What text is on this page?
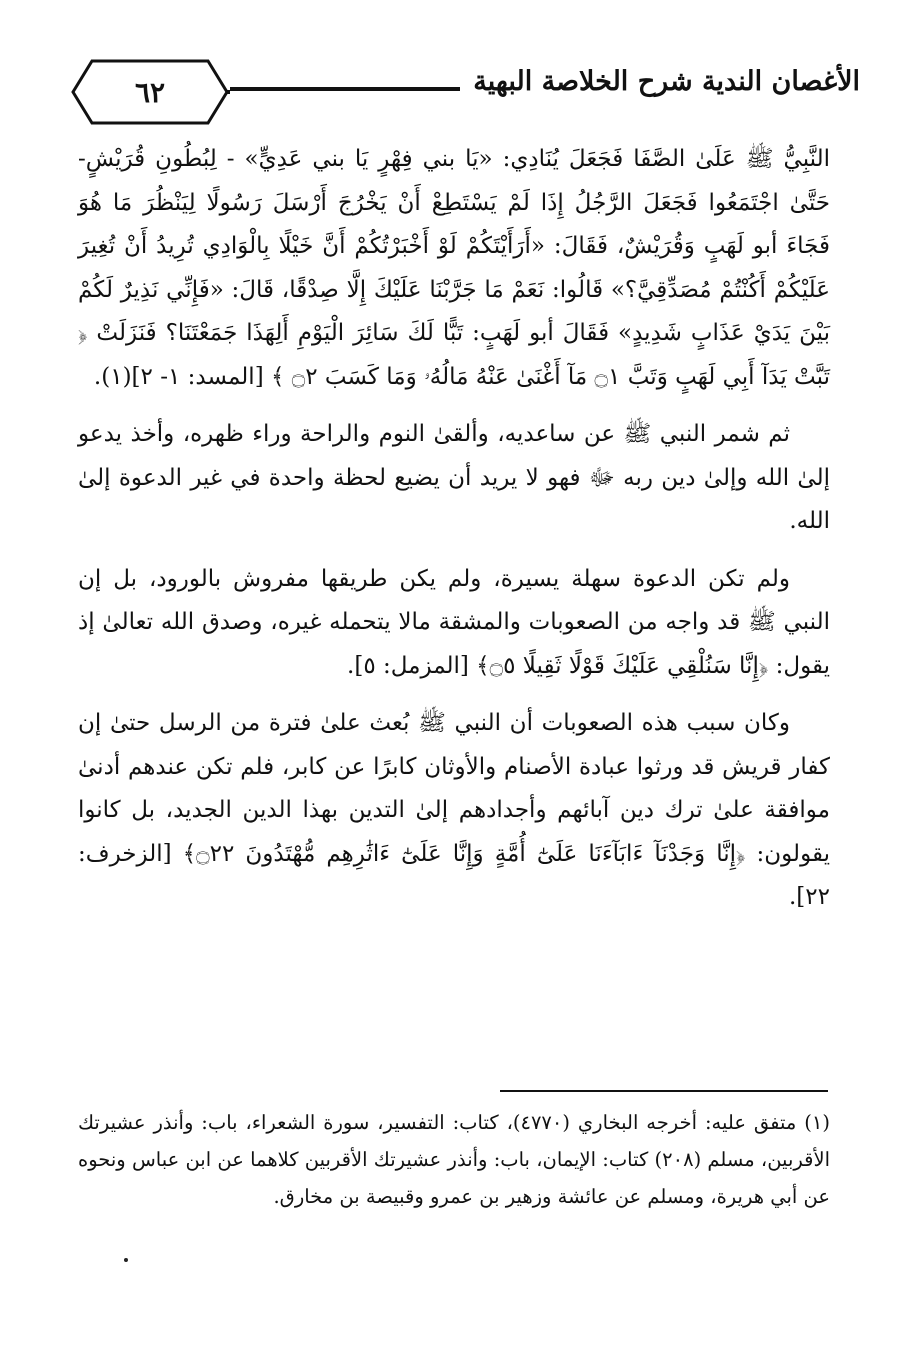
٦٢	الأغصان الندية شرح الخلاصة البهية

النَّبِيُّ ﷺ عَلَىٰ الصَّفَا فَجَعَلَ يُنَادِي: «يَا بني فِهْرٍ يَا بني عَدِيٍّ» - لِبُطُونِ قُرَيْشٍ- حَتَّىٰ اجْتَمَعُوا فَجَعَلَ الرَّجُلُ إِذَا لَمْ يَسْتَطِعْ أَنْ يَخْرُجَ أَرْسَلَ رَسُولًا لِيَنْظُرَ مَا هُوَ فَجَاءَ أبو لَهَبٍ وَقُرَيْشٌ، فَقَالَ: «أَرَأَيْتَكُمْ لَوْ أَخْبَرْتُكُمْ أَنَّ خَيْلًا بِالْوَادِي تُرِيدُ أَنْ تُغِيرَ عَلَيْكُمْ أَكُنْتُمْ مُصَدِّقِيَّ؟» قَالُوا: نَعَمْ مَا جَرَّبْنَا عَلَيْكَ إِلَّا صِدْقًا، قَالَ: «فَإِنِّي نَذِيرٌ لَكُمْ بَيْنَ يَدَيْ عَذَابٍ شَدِيدٍ» فَقَالَ أبو لَهَبٍ: تَبًّا لَكَ سَائِرَ الْيَوْمِ أَلِهَذَا جَمَعْتَنَا؟ فَنَزَلَتْ ﴿ تَبَّتْ يَدَآ أَبِي لَهَبٍ وَتَبَّ ۝١ مَآ أَغْنَىٰ عَنْهُ مَالُهُۥ وَمَا كَسَبَ ۝٢ ﴾ [المسد: ١- ٢](١).

ثم شمر النبي ﷺ عن ساعديه، وألقىٰ النوم والراحة وراء ظهره، وأخذ يدعو إلىٰ الله وإلىٰ دين ربه ﷻ فهو لا يريد أن يضيع لحظة واحدة في غير الدعوة إلىٰ الله.

ولم تكن الدعوة سهلة يسيرة، ولم يكن طريقها مفروش بالورود، بل إن النبي ﷺ قد واجه من الصعوبات والمشقة مالا يتحمله غيره، وصدق الله تعالىٰ إذ يقول: ﴿إِنَّا سَنُلْقِي عَلَيْكَ قَوْلًا ثَقِيلًا ۝٥﴾ [المزمل: ٥].

وكان سبب هذه الصعوبات أن النبي ﷺ بُعث علىٰ فترة من الرسل حتىٰ إن كفار قريش قد ورثوا عبادة الأصنام والأوثان كابرًا عن كابر، فلم تكن عندهم أدنىٰ موافقة علىٰ ترك دين آبائهم وأجدادهم إلىٰ التدين بهذا الدين الجديد، بل كانوا يقولون: ﴿إِنَّا وَجَدْنَآ ءَابَآءَنَا عَلَىٰٓ أُمَّةٍ وَإِنَّا عَلَىٰٓ ءَاثَٰرِهِم مُّهْتَدُونَ ۝٢٢﴾ [الزخرف: ٢٢].

(١) متفق عليه: أخرجه البخاري (٤٧٧٠)، كتاب: التفسير، سورة الشعراء، باب: وأنذر عشيرتك الأقربين، مسلم (٢٠٨) كتاب: الإيمان، باب: وأنذر عشيرتك الأقربين كلاهما عن ابن عباس ونحوه عن أبي هريرة، ومسلم عن عائشة وزهير بن عمرو وقبيصة بن مخارق.
